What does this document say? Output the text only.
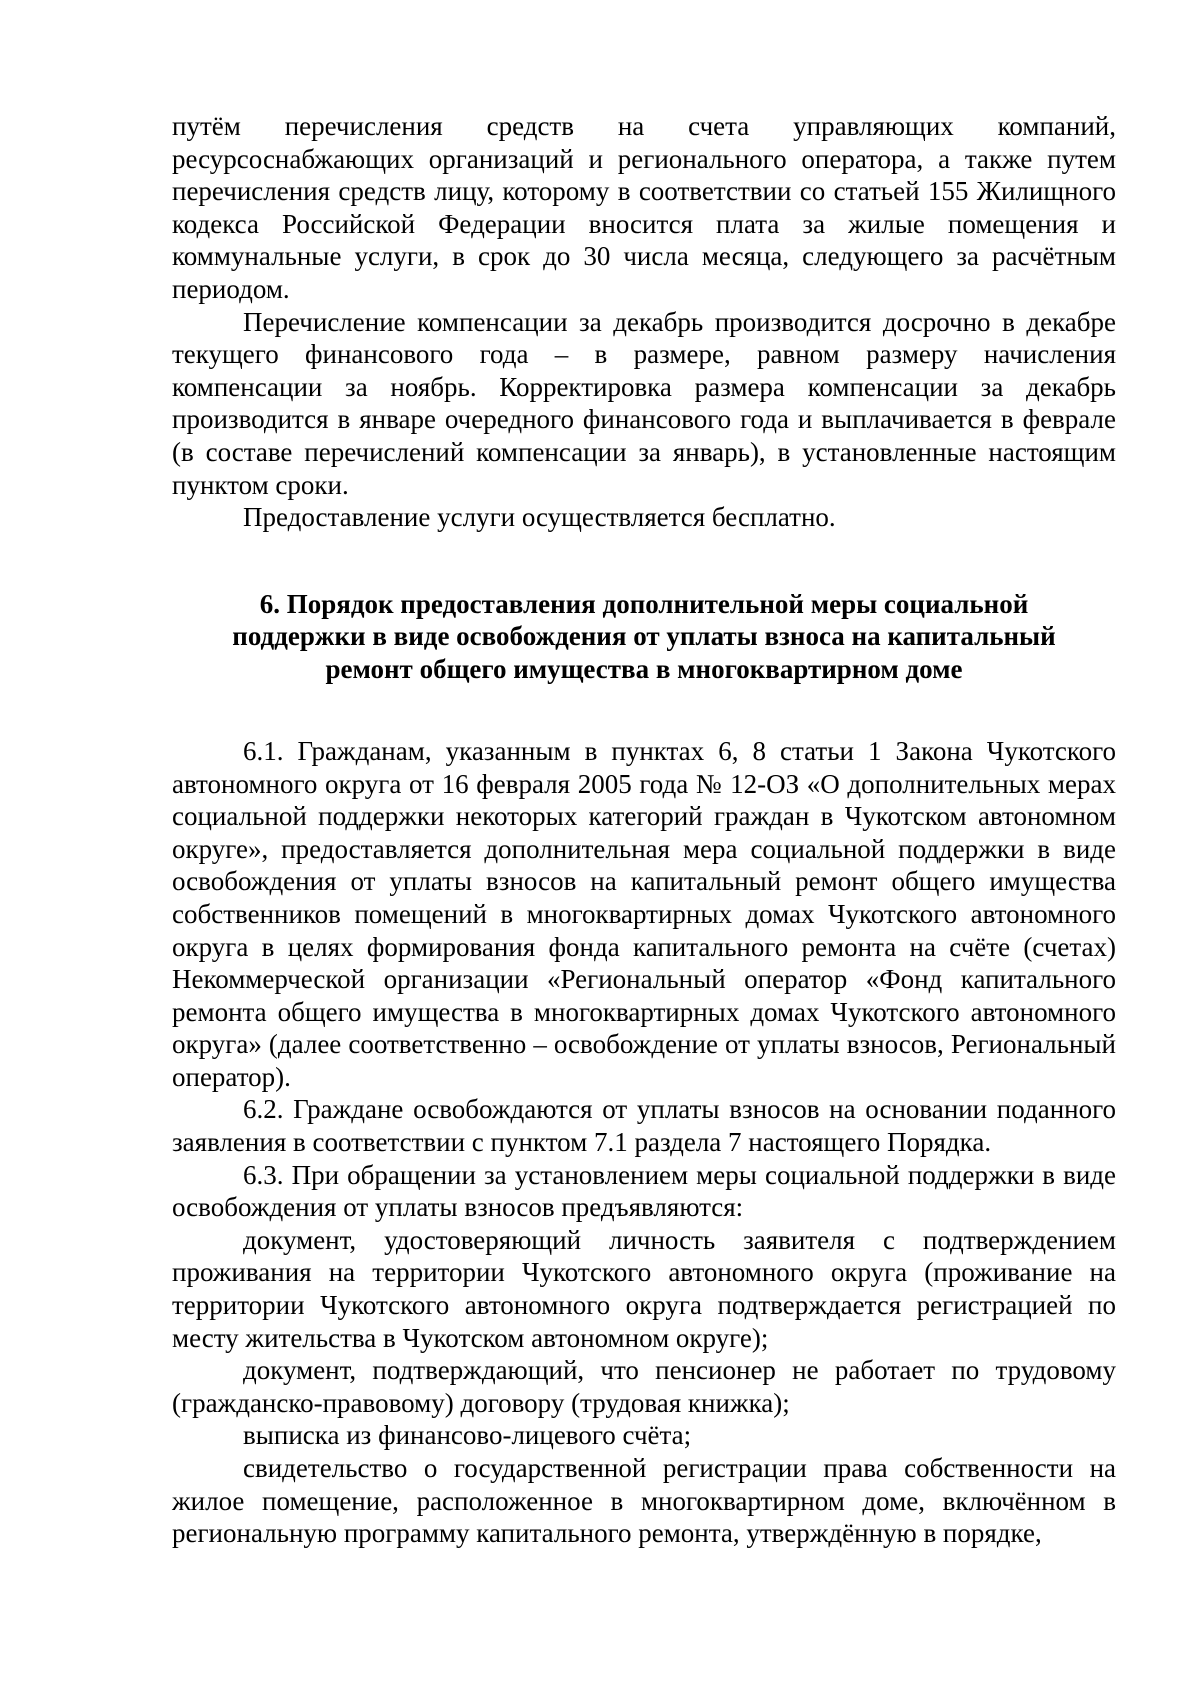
путём перечисления средств на счета управляющих компаний, ресурсоснабжающих организаций и регионального оператора, а также путем перечисления средств лицу, которому в соответствии со статьей 155 Жилищного кодекса Российской Федерации вносится плата за жилые помещения и коммунальные услуги, в срок до 30 числа месяца, следующего за расчётным периодом.

Перечисление компенсации за декабрь производится досрочно в декабре текущего финансового года – в размере, равном размеру начисления компенсации за ноябрь. Корректировка размера компенсации за декабрь производится в январе очередного финансового года и выплачивается в феврале (в составе перечислений компенсации за январь), в установленные настоящим пунктом сроки.

Предоставление услуги осуществляется бесплатно.

6. Порядок предоставления дополнительной меры социальной поддержки в виде освобождения от уплаты взноса на капитальный ремонт общего имущества в многоквартирном доме

6.1. Гражданам, указанным в пунктах 6, 8 статьи 1 Закона Чукотского автономного округа от 16 февраля 2005 года № 12-ОЗ «О дополнительных мерах социальной поддержки некоторых категорий граждан в Чукотском автономном округе», предоставляется дополнительная мера социальной поддержки в виде освобождения от уплаты взносов на капитальный ремонт общего имущества собственников помещений в многоквартирных домах Чукотского автономного округа в целях формирования фонда капитального ремонта на счёте (счетах) Некоммерческой организации «Региональный оператор «Фонд капитального ремонта общего имущества в многоквартирных домах Чукотского автономного округа» (далее соответственно – освобождение от уплаты взносов, Региональный оператор).

6.2. Граждане освобождаются от уплаты взносов на основании поданного заявления в соответствии с пунктом 7.1 раздела 7 настоящего Порядка.

6.3. При обращении за установлением меры социальной поддержки в виде освобождения от уплаты взносов предъявляются:

документ, удостоверяющий личность заявителя с подтверждением проживания на территории Чукотского автономного округа (проживание на территории Чукотского автономного округа подтверждается регистрацией по месту жительства в Чукотском автономном округе);

документ, подтверждающий, что пенсионер не работает по трудовому (гражданско-правовому) договору (трудовая книжка);

выписка из финансово-лицевого счёта;

свидетельство о государственной регистрации права собственности на жилое помещение, расположенное в многоквартирном доме, включённом в региональную программу капитального ремонта, утверждённую в порядке,
